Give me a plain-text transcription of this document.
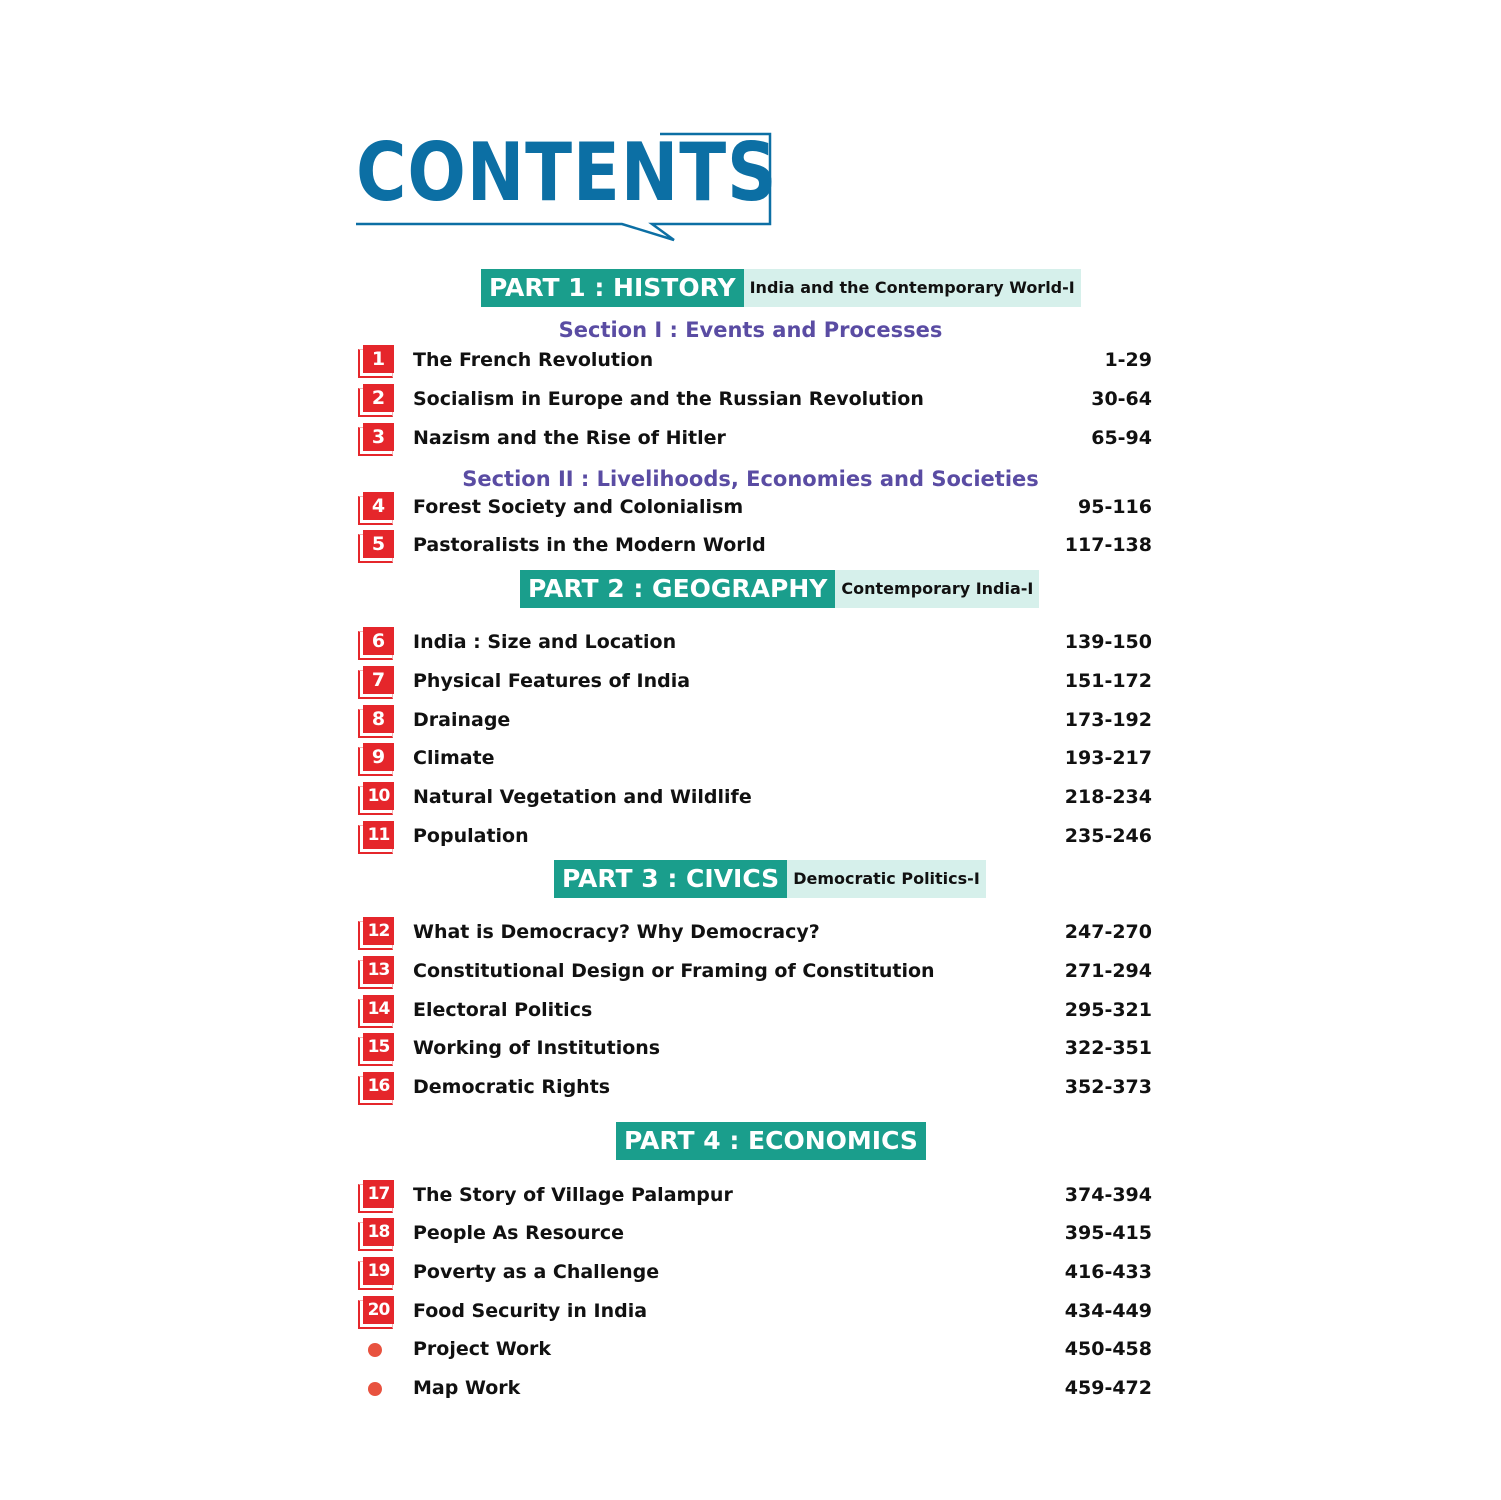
CONTENTS
PART 1 : HISTORY India and the Contemporary World-I
Section I : Events and Processes
1	The French Revolution	1-29
2	Socialism in Europe and the Russian Revolution	30-64
3	Nazism and the Rise of Hitler	65-94
Section II : Livelihoods, Economies and Societies
4	Forest Society and Colonialism	95-116
5	Pastoralists in the Modern World	117-138
PART 2 : GEOGRAPHY Contemporary India-I
6	India : Size and Location	139-150
7	Physical Features of India	151-172
8	Drainage	173-192
9	Climate	193-217
10 Natural Vegetation and Wildlife	218-234
11 Population	235-246
PART 3 : CIVICS Democratic Politics-I
12 What is Democracy? Why Democracy?	247-270
13 Constitutional Design or Framing of Constitution	271-294
14 Electoral Politics	295-321
15 Working of Institutions	322-351
16 Democratic Rights	352-373
PART 4 : ECONOMICS
17 The Story of Village Palampur	374-394
18 People As Resource	395-415
19 Poverty as a Challenge	416-433
20 Food Security in India	434-449
Project Work	450-458
Map Work	459-472
